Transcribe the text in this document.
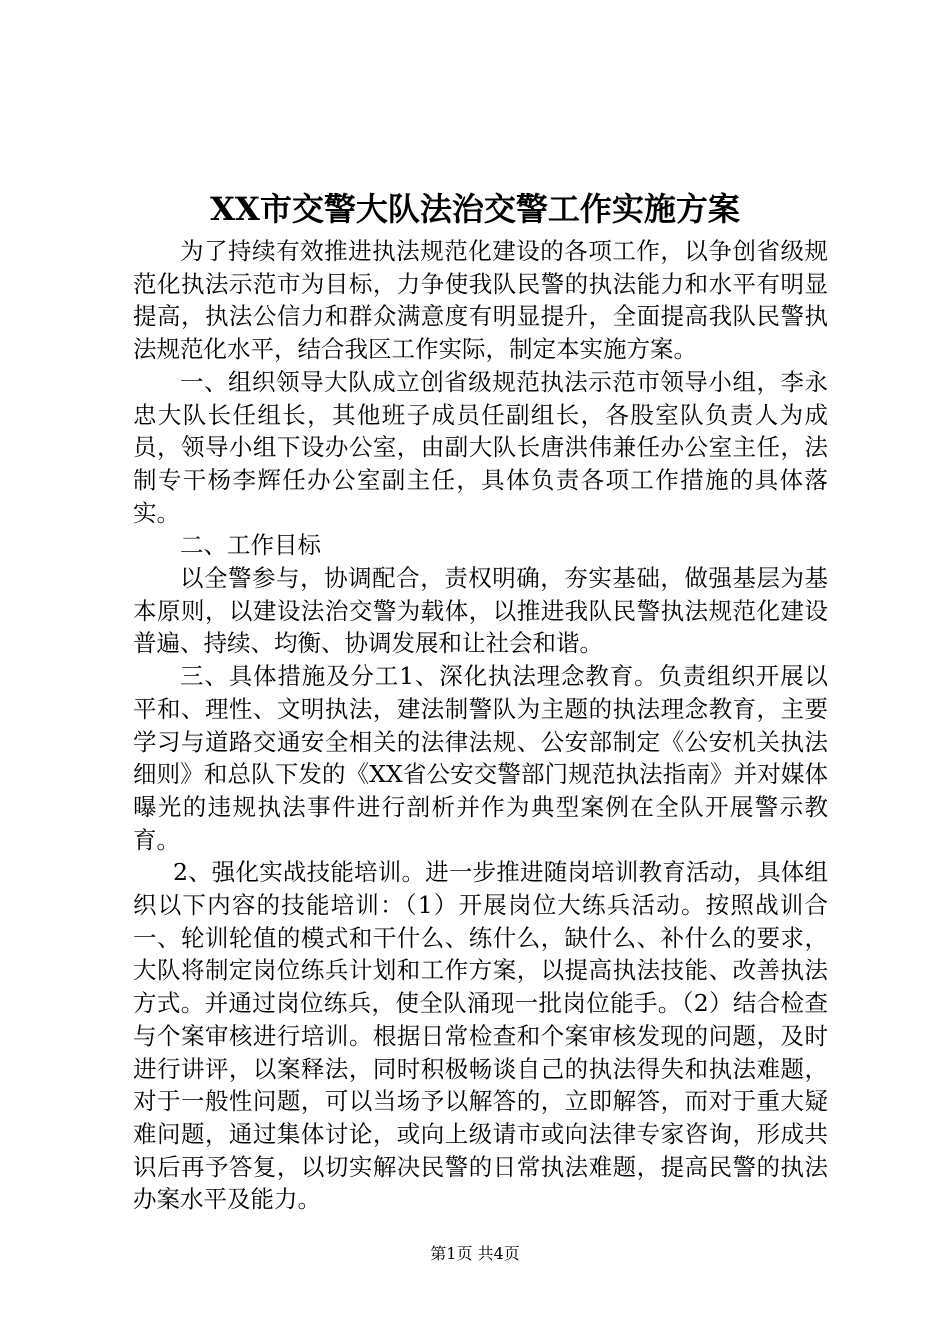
XX市交警大队法治交警工作实施方案

为了持续有效推进执法规范化建设的各项工作，以争创省级规范化执法示范市为目标，力争使我队民警的执法能力和水平有明显提高，执法公信力和群众满意度有明显提升，全面提高我队民警执法规范化水平，结合我区工作实际，制定本实施方案。

一、组织领导大队成立创省级规范执法示范市领导小组，李永忠大队长任组长，其他班子成员任副组长，各股室队负责人为成员，领导小组下设办公室，由副大队长唐洪伟兼任办公室主任，法制专干杨李辉任办公室副主任，具体负责各项工作措施的具体落实。

二、工作目标

以全警参与，协调配合，责权明确，夯实基础，做强基层为基本原则，以建设法治交警为载体，以推进我队民警执法规范化建设普遍、持续、均衡、协调发展和让社会和谐。

三、具体措施及分工1、深化执法理念教育。负责组织开展以平和、理性、文明执法，建法制警队为主题的执法理念教育，主要学习与道路交通安全相关的法律法规、公安部制定《公安机关执法细则》和总队下发的《XX省公安交警部门规范执法指南》并对媒体曝光的违规执法事件进行剖析并作为典型案例在全队开展警示教育。

2、强化实战技能培训。进一步推进随岗培训教育活动，具体组织以下内容的技能培训：（1）开展岗位大练兵活动。按照战训合一、轮训轮值的模式和干什么、练什么，缺什么、补什么的要求，大队将制定岗位练兵计划和工作方案，以提高执法技能、改善执法方式。并通过岗位练兵，使全队涌现一批岗位能手。（2）结合检查与个案审核进行培训。根据日常检查和个案审核发现的问题，及时进行讲评，以案释法，同时积极畅谈自己的执法得失和执法难题，对于一般性问题，可以当场予以解答的，立即解答，而对于重大疑难问题，通过集体讨论，或向上级请市或向法律专家咨询，形成共识后再予答复，以切实解决民警的日常执法难题，提高民警的执法办案水平及能力。

第1页 共4页
